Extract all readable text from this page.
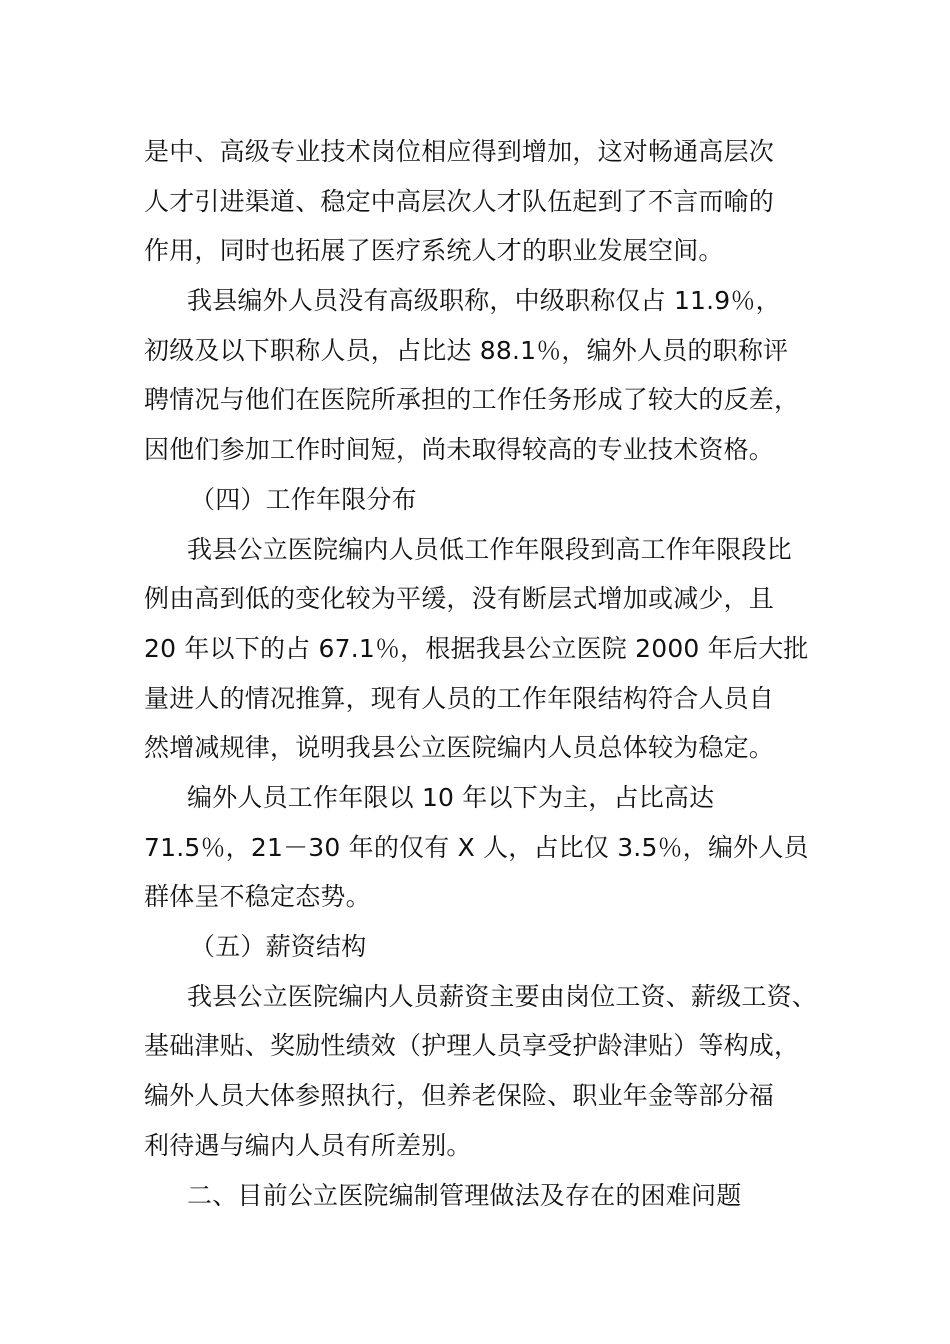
是中、高级专业技术岗位相应得到增加，这对畅通高层次

人才引进渠道、稳定中高层次人才队伍起到了不言而喻的

作用，同时也拓展了医疗系统人才的职业发展空间。

我县编外人员没有高级职称，中级职称仅占 11.9％，

初级及以下职称人员，占比达 88.1％，编外人员的职称评

聘情况与他们在医院所承担的工作任务形成了较大的反差，

因他们参加工作时间短，尚未取得较高的专业技术资格。

（四）工作年限分布

我县公立医院编内人员低工作年限段到高工作年限段比

例由高到低的变化较为平缓，没有断层式增加或减少，且

20 年以下的占 67.1％，根据我县公立医院 2000 年后大批

量进人的情况推算，现有人员的工作年限结构符合人员自

然增减规律，说明我县公立医院编内人员总体较为稳定。

编外人员工作年限以 10 年以下为主，占比高达

71.5％，21－30 年的仅有 X 人，占比仅 3.5％，编外人员

群体呈不稳定态势。

（五）薪资结构

我县公立医院编内人员薪资主要由岗位工资、薪级工资、

基础津贴、奖励性绩效（护理人员享受护龄津贴）等构成，

编外人员大体参照执行，但养老保险、职业年金等部分福

利待遇与编内人员有所差别。

二、目前公立医院编制管理做法及存在的困难问题
